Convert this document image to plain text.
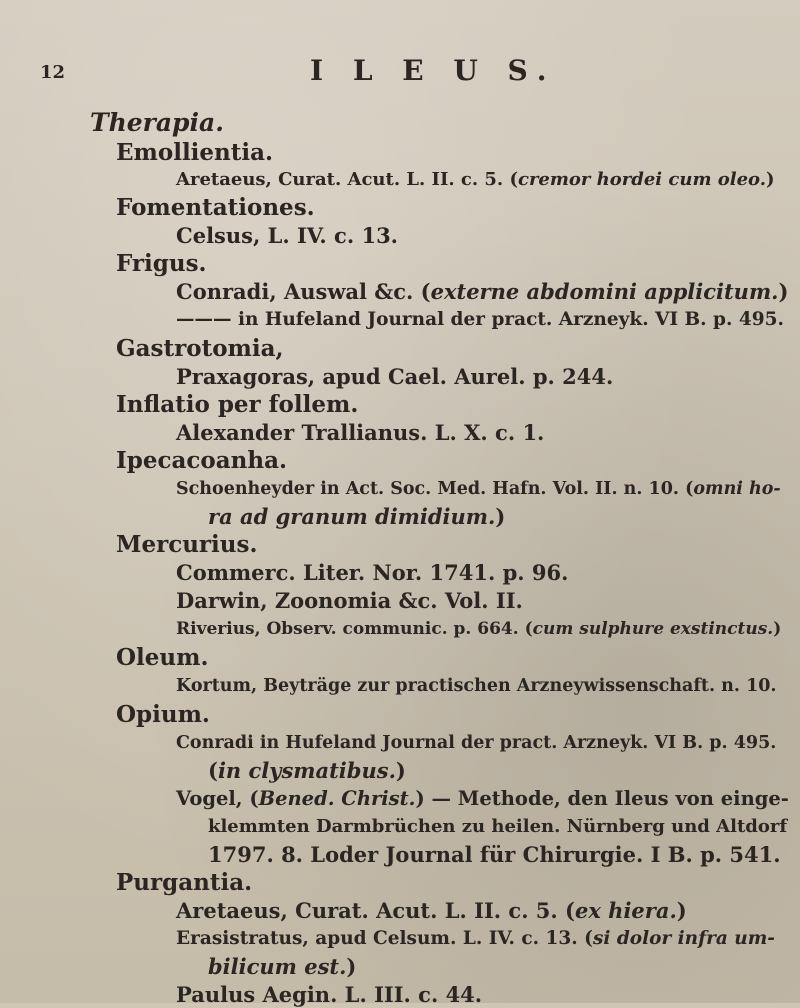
12	I L E U S.
Therapia.
Emollientia.
Aretaeus, Curat. Acut. L. II. c. 5. (cremor hordei cum oleo.)
Fomentationes.
Celsus, L. IV. c. 13.
Frigus.
Conradi, Auswal &c. (externe abdomini applicitum.)
——— in Hufeland Journal der pract. Arzneyk. VI B. p. 495.
Gastrotomia,
Praxagoras, apud Cael. Aurel. p. 244.
Inflatio per follem.
Alexander Trallianus. L. X. c. 1.
Ipecacoanha.
Schoenheyder in Act. Soc. Med. Hafn. Vol. II. n. 10. (omni ho-
ra ad granum dimidium.)
Mercurius.
Commerc. Liter. Nor. 1741. p. 96.
Darwin, Zoonomia &c. Vol. II.
Riverius, Observ. communic. p. 664. (cum sulphure exstinctus.)
Oleum.
Kortum, Beyträge zur practischen Arzneywissenschaft. n. 10.
Opium.
Conradi in Hufeland Journal der pract. Arzneyk. VI B. p. 495.
(in clysmatibus.)
Vogel, (Bened. Christ.) — Methode, den Ileus von einge-
klemmten Darmbrüchen zu heilen. Nürnberg und Altdorf
1797. 8. Loder Journal für Chirurgie. I B. p. 541.
Purgantia.
Aretaeus, Curat. Acut. L. II. c. 5. (ex hiera.)
Erasistratus, apud Celsum. L. IV. c. 13. (si dolor infra um-
bilicum est.)
Paulus Aegin. L. III. c. 44.
